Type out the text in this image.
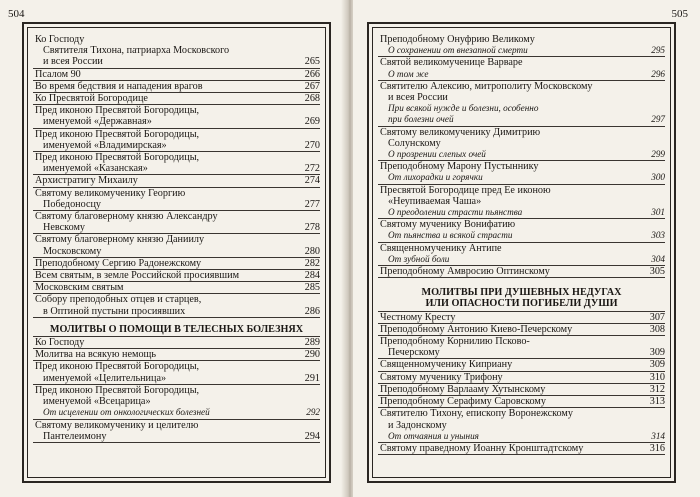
504
Ко Господу
Святителя Тихона, патриарха Московского
и всея России	265
Псалом 90	266
Во время бедствия и нападения врагов	267
Ко Пресвятой Богородице	268
Пред иконою Пресвятой Богородицы,
именуемой «Державная»	269
Пред иконою Пресвятой Богородицы,
именуемой «Владимирская»	270
Пред иконою Пресвятой Богородицы,
именуемой «Казанская»	272
Архистратигу Михаилу	274
Святому великомученику Георгию
Победоносцу	277
Святому благоверному князю Александру
Невскому	278
Святому благоверному князю Даниилу
Московскому	280
Преподобному Сергию Радонежскому	282
Всем святым, в земле Российской просиявшим	284
Московским святым	285
Собору преподобных отцев и старцев,
в Оптиной пустыни просиявших	286
МОЛИТВЫ О ПОМОЩИ В ТЕЛЕСНЫХ БОЛЕЗНЯХ
Ко Господу	289
Молитва на всякую немощь	290
Пред иконою Пресвятой Богородицы,
именуемой «Целительница»	291
Пред иконою Пресвятой Богородицы,
именуемой «Всецарица»
От исцелении от онкологических болезней	292
Святому великомученику и целителю
Пантелеимону	294
505
Преподобному Онуфрию Великому
О сохранении от внезапной смерти	295
Святой великомученице Варваре
О том же	296
Святителю Алексию, митрополиту Московскому
и всея России
При всякой нужде и болезни, особенно
при болезни очей	297
Святому великомученику Димитрию
Солунскому
О прозрении слепых очей	299
Преподобному Марону Пустыннику
От лихорадки и горячки	300
Пресвятой Богородице пред Ее иконою
«Неупиваемая Чаша»
О преодолении страсти пьянства	301
Святому мученику Вонифатию
От пьянства и всякой страсти	303
Священномученику Антипе
От зубной боли	304
Преподобному Амвросию Оптинскому	305
МОЛИТВЫ ПРИ ДУШЕВНЫХ НЕДУГАХ
ИЛИ ОПАСНОСТИ ПОГИБЕЛИ ДУШИ
Честному Кресту	307
Преподобному Антонию Киево-Печерскому	308
Преподобному Корнилию Псково-
Печерскому	309
Священномученику Киприану	309
Святому мученику Трифону	310
Преподобному Варлааму Хутынскому	312
Преподобному Серафиму Саровскому	313
Святителю Тихону, епископу Воронежскому
и Задонскому
От отчаяния и уныния	314
Святому праведному Иоанну Кронштадтскому	316
